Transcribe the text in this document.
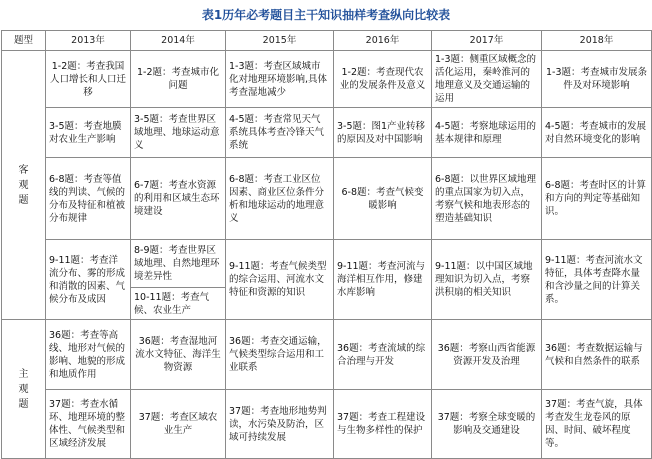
表1历年必考题目主干知识抽样考查纵向比较表
题型	2013年	2014年	2015年	2016年	2017年	2018年
客观题	1-2题：考查我国人口增长和人口迁移	1-2题：考查城市化问题	1-3题：考查区域城市化对地理环境影响,具体考查湿地减少	1-2题：考查现代农业的发展条件及意义	1-3题：侧重区域概念的活化运用，秦岭淮河的地理意义及交通运输的运用	1-3题：考查城市发展条件及对环境影响
	3-5题：考查地膜对农业生产影响	3-5题：考查世界区域地理、地球运动意义	4-5题：考查常见天气系统具体考查冷锋天气系统	3-5题：图1产业转移的原因及对中国影响	4-5题：考察地球运用的基本规律和原理	4-5题：考查城市的发展对自然环境变化的影响
	6-8题：考查等值线的判读、气候的分布及特征和植被分布规律	6-7题：考查水资源的利用和区域生态环境建设	6-8题：考查工业区位因素、商业区位条件分析和地球运动的地理意义	6-8题：考查气候变暖影响	6-8题：以世界区域地理的重点国家为切入点，考察气候和地表形态的塑造基础知识	6-8题：考查时区的计算和方向的判定等基础知识。
	9-11题：考查洋流分布、雾的形成和消散的因素、气候分布及成因	8-9题：考查世界区域地理、自然地理环境差异性	9-11题：考查气候类型的综合运用、河流水文特征和资源的知识	9-11题：考查河流与海洋相互作用，修建水库影响	9-11题：以中国区域地理知识为切入点，考察洪积扇的相关知识	9-11题：考查河流水文特征，具体考查降水量和含沙量之间的计算关系。
		10-11题：考查气候、农业生产				
主观题	36题：考查等高线、地形对气候的影响、地貌的形成和地质作用	36题：考查湿地河流水文特征、海洋生物资源	36题：考查交通运输，气候类型综合运用和工业联系	36题：考查流域的综合治理与开发	36题：考察山西省能源资源开发及治理	36题：考查数据运输与气候和自然条件的联系
	37题：考查水循环、地理环境的整体性、气候类型和区域经济发展	37题：考查区域农业生产	37题：考查地形地势判读，水污染及防治，区域可持续发展	37题：考查工程建设与生物多样性的保护	37题：考察全球变暖的影响及交通建设	37题：考查气旋，具体考查发生龙卷风的原因、时间、破坏程度等。
